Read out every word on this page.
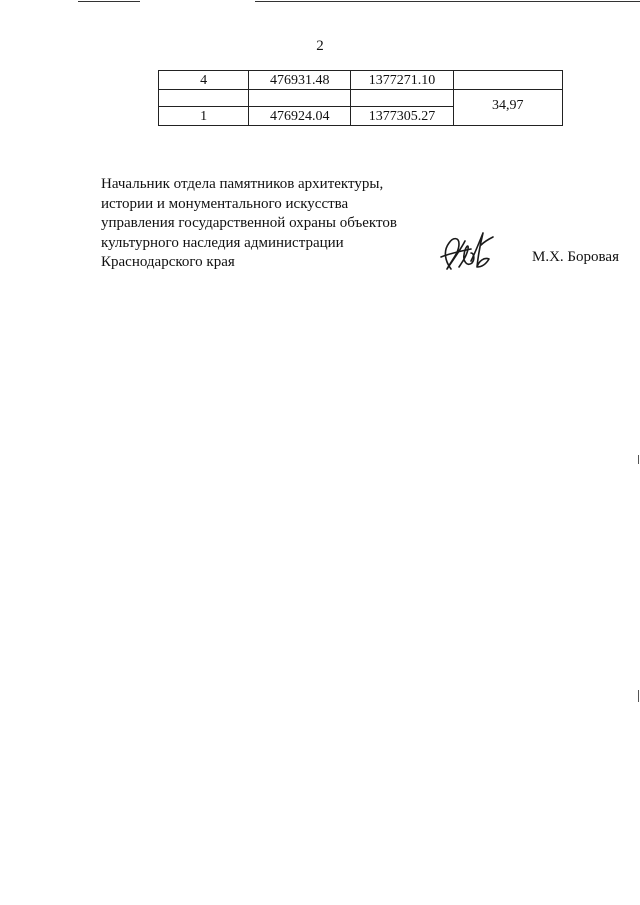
2
4	476931.48	1377271.10	

1	476924.04	1377305.27	34,97
Начальник отдела памятников архитектуры,
истории и монументального искусства
управления государственной охраны объектов
культурного наследия администрации
Краснодарского края	М.Х. Боровая
